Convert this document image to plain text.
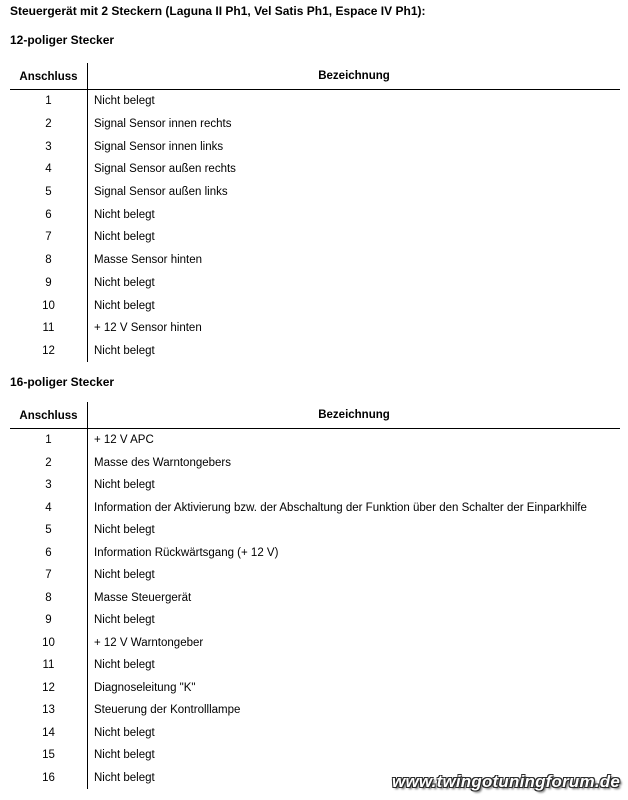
Steuergerät mit 2 Steckern (Laguna II Ph1, Vel Satis Ph1, Espace IV Ph1):
12-poliger Stecker
Anschluss	Bezeichnung
1	Nicht belegt
2	Signal Sensor innen rechts
3	Signal Sensor innen links
4	Signal Sensor außen rechts
5	Signal Sensor außen links
6	Nicht belegt
7	Nicht belegt
8	Masse Sensor hinten
9	Nicht belegt
10	Nicht belegt
11	+ 12 V Sensor hinten
12	Nicht belegt
16-poliger Stecker
Anschluss	Bezeichnung
1	+ 12 V APC
2	Masse des Warntongebers
3	Nicht belegt
4	Information der Aktivierung bzw. der Abschaltung der Funktion über den Schalter der Einparkhilfe
5	Nicht belegt
6	Information Rückwärtsgang (+ 12 V)
7	Nicht belegt
8	Masse Steuergerät
9	Nicht belegt
10	+ 12 V Warntongeber
11	Nicht belegt
12	Diagnoseleitung "K"
13	Steuerung der Kontrolllampe
14	Nicht belegt
15	Nicht belegt
16	Nicht belegt	www.twingotuningforum.de
